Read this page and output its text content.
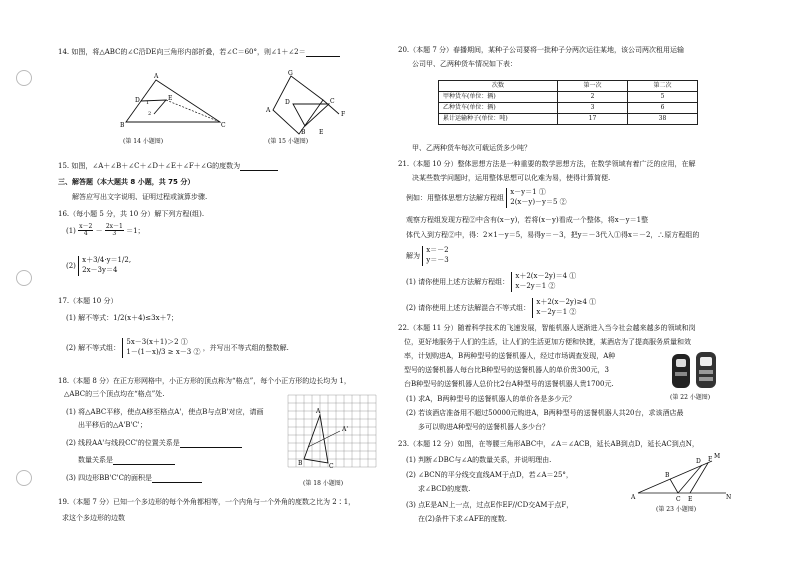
14. 如图，将△ABC的∠C沿DE向三角形内部折叠，若∠C＝60°，则∠1＋∠2＝
A
B	C
D	E
1
2
(第 14 小题图)
G
A
D	C
F
B E
(第 15 小题图)
15. 如图，∠A＋∠B＋∠C＋∠D＋∠E＋∠F＋∠G的度数为
三、解答题（本大题共 8 小题，共 75 分）
解答应写出文字说明、证明过程或演算步骤.
16.（每小题 5 分，共 10 分）解下列方程(组).
$(1) \frac{x-2}{4} - \frac{2x-1}{3} =1$；
(2) x＋3/4·y＝1/2,
2x－3y＝4
17.（本题 10 分）
(1) 解不等式：1/2(x＋4)≤3x＋7；
(2) 解不等式组： 5x－3(x＋1)＞2 ①
1－(1－x)/3 ≥ x－3 ② ，并写出不等式组的整数解.
18.（本题 8 分）在正方形网格中，小正方形的顶点称为“格点”，每个小正方形的边长均为 1，
△ABC的三个顶点均在“格点”处.
(1) 将△ABC平移，使点A移至格点A'，使点B与点B'对应，请画
出平移后的△A'B'C'；
(2) 线段AA'与线段CC'的位置关系是
数量关系是
(3) 四边形BB'C'C的面积是
A
B	C
A'
(第 18 小题图)
19.（本题 7 分）已知一个多边形的每个外角都相等，一个内角与一个外角的度数之比为 2∶1，
求这个多边形的边数
20.（本题 7 分）春播期间，某种子公司要将一批种子分两次运往某地，该公司两次租用运输
公司甲、乙两种货车情况如下表：
次数	第一次	第二次
甲种货车(单位：辆)	2	5
乙种货车(单位：辆)	3	6
累计运输种子(单位：吨)	17	38
甲、乙两种货车每次可载运货多少吨？
21.（本题 10 分）整体思想方法是一种重要的数学思想方法，在数学领域有着广泛的应用，在解
决某些数学问题时，运用整体思想可以化难为易，使得计算简便.
例如：用整体思想方法解方程组 x－y＝1 ①
2(x－y)－y＝5 ②
观察方程组发现方程②中含有(x－y)，若将(x－y)看成一个整体，将x－y＝1整
体代入到方程②中，得：2×1－y＝5，易得y＝－3，把y＝－3代入①得x＝－2，∴原方程组的
解为 x＝－2
y＝－3
(1) 请你使用上述方法解方程组： x＋2(x－2y)＝4 ①
x－2y＝1 ②
(2) 请你使用上述方法解混合不等式组： x＋2(x－2y)≥4 ①
x－2y＝1 ②
22.（本题 11 分）随着科学技术的飞速发展，智能机器人逐渐进入当今社会越来越多的领域和岗
位，更好地服务于人们的生活，让人们的生活更加方便和快捷，某酒店为了提高服务质量和效
率，计划购进A，B两种型号的送餐机器人，经过市场调查发现，A种
型号的送餐机器人每台比B种型号的送餐机器人的单价贵300元，3
台B种型号的送餐机器人总价比2台A种型号的送餐机器人贵1700元.
(1) 求A，B两种型号的送餐机器人的单价各是多少元？
(2) 若该酒店准备用不超过50000元购进A，B两种型号的送餐机器人共20台，求该酒店最
多可以购进A种型号的送餐机器人多少台？
(第 22 小题图)
23.（本题 12 分）如图，在等腰三角形ABC中，∠A＝∠ACB，延长AB到点D，延长AC到点N，
(1) 判断∠DBC与∠A的数量关系，并说明理由.
(2) ∠BCN的平分线交直线AM于点D，若∠A＝25°，
求∠BCD的度数.
(3) 点E是AN上一点，过点E作EF//CD交AM于点F，
在(2)条件下求∠AFE的度数.
A
B
C
D
E
F M
N
(第 23 小题图)
